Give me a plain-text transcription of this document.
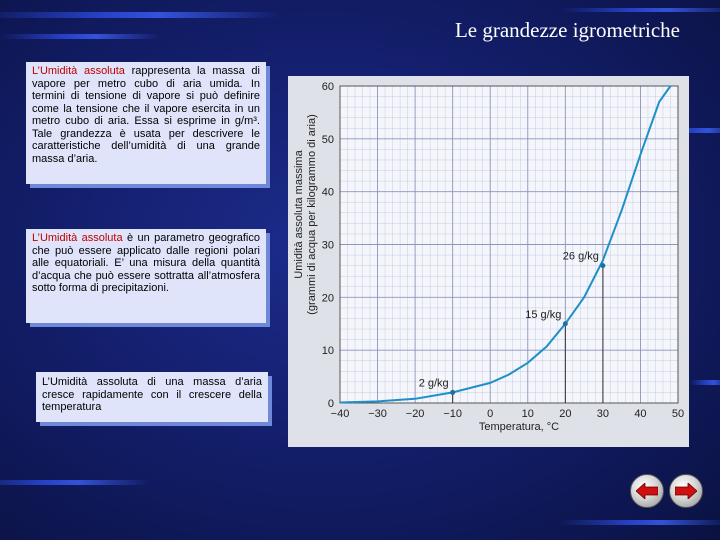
Le grandezze igrometriche
L’Umidità assoluta rappresenta la massa di vapore per metro cubo di aria umida. In termini di tensione di vapore si può definire come la tensione che il vapore esercita in un metro cubo di aria. Essa si esprime in g/m³. Tale grandezza è usata per descrivere le caratteristiche dell’umidità di una grande massa d’aria.
L’Umidità assoluta è un parametro geografico che può essere applicato dalle regioni polari alle equatoriali. E’ una misura della quantità d’acqua che può essere sottratta all’atmosfera sotto forma di precipitazioni.
L’Umidità assoluta di una massa d’aria cresce rapidamente con il crescere della temperatura
−40 −30 −20 −10 0	10 20 30 40 50
0
10
20
30
40
50
60
Temperatura, °C
Umidità assoluta massima (grammi di acqua per kilogrammo di aria)
2 g/kg
15 g/kg
26 g/kg
